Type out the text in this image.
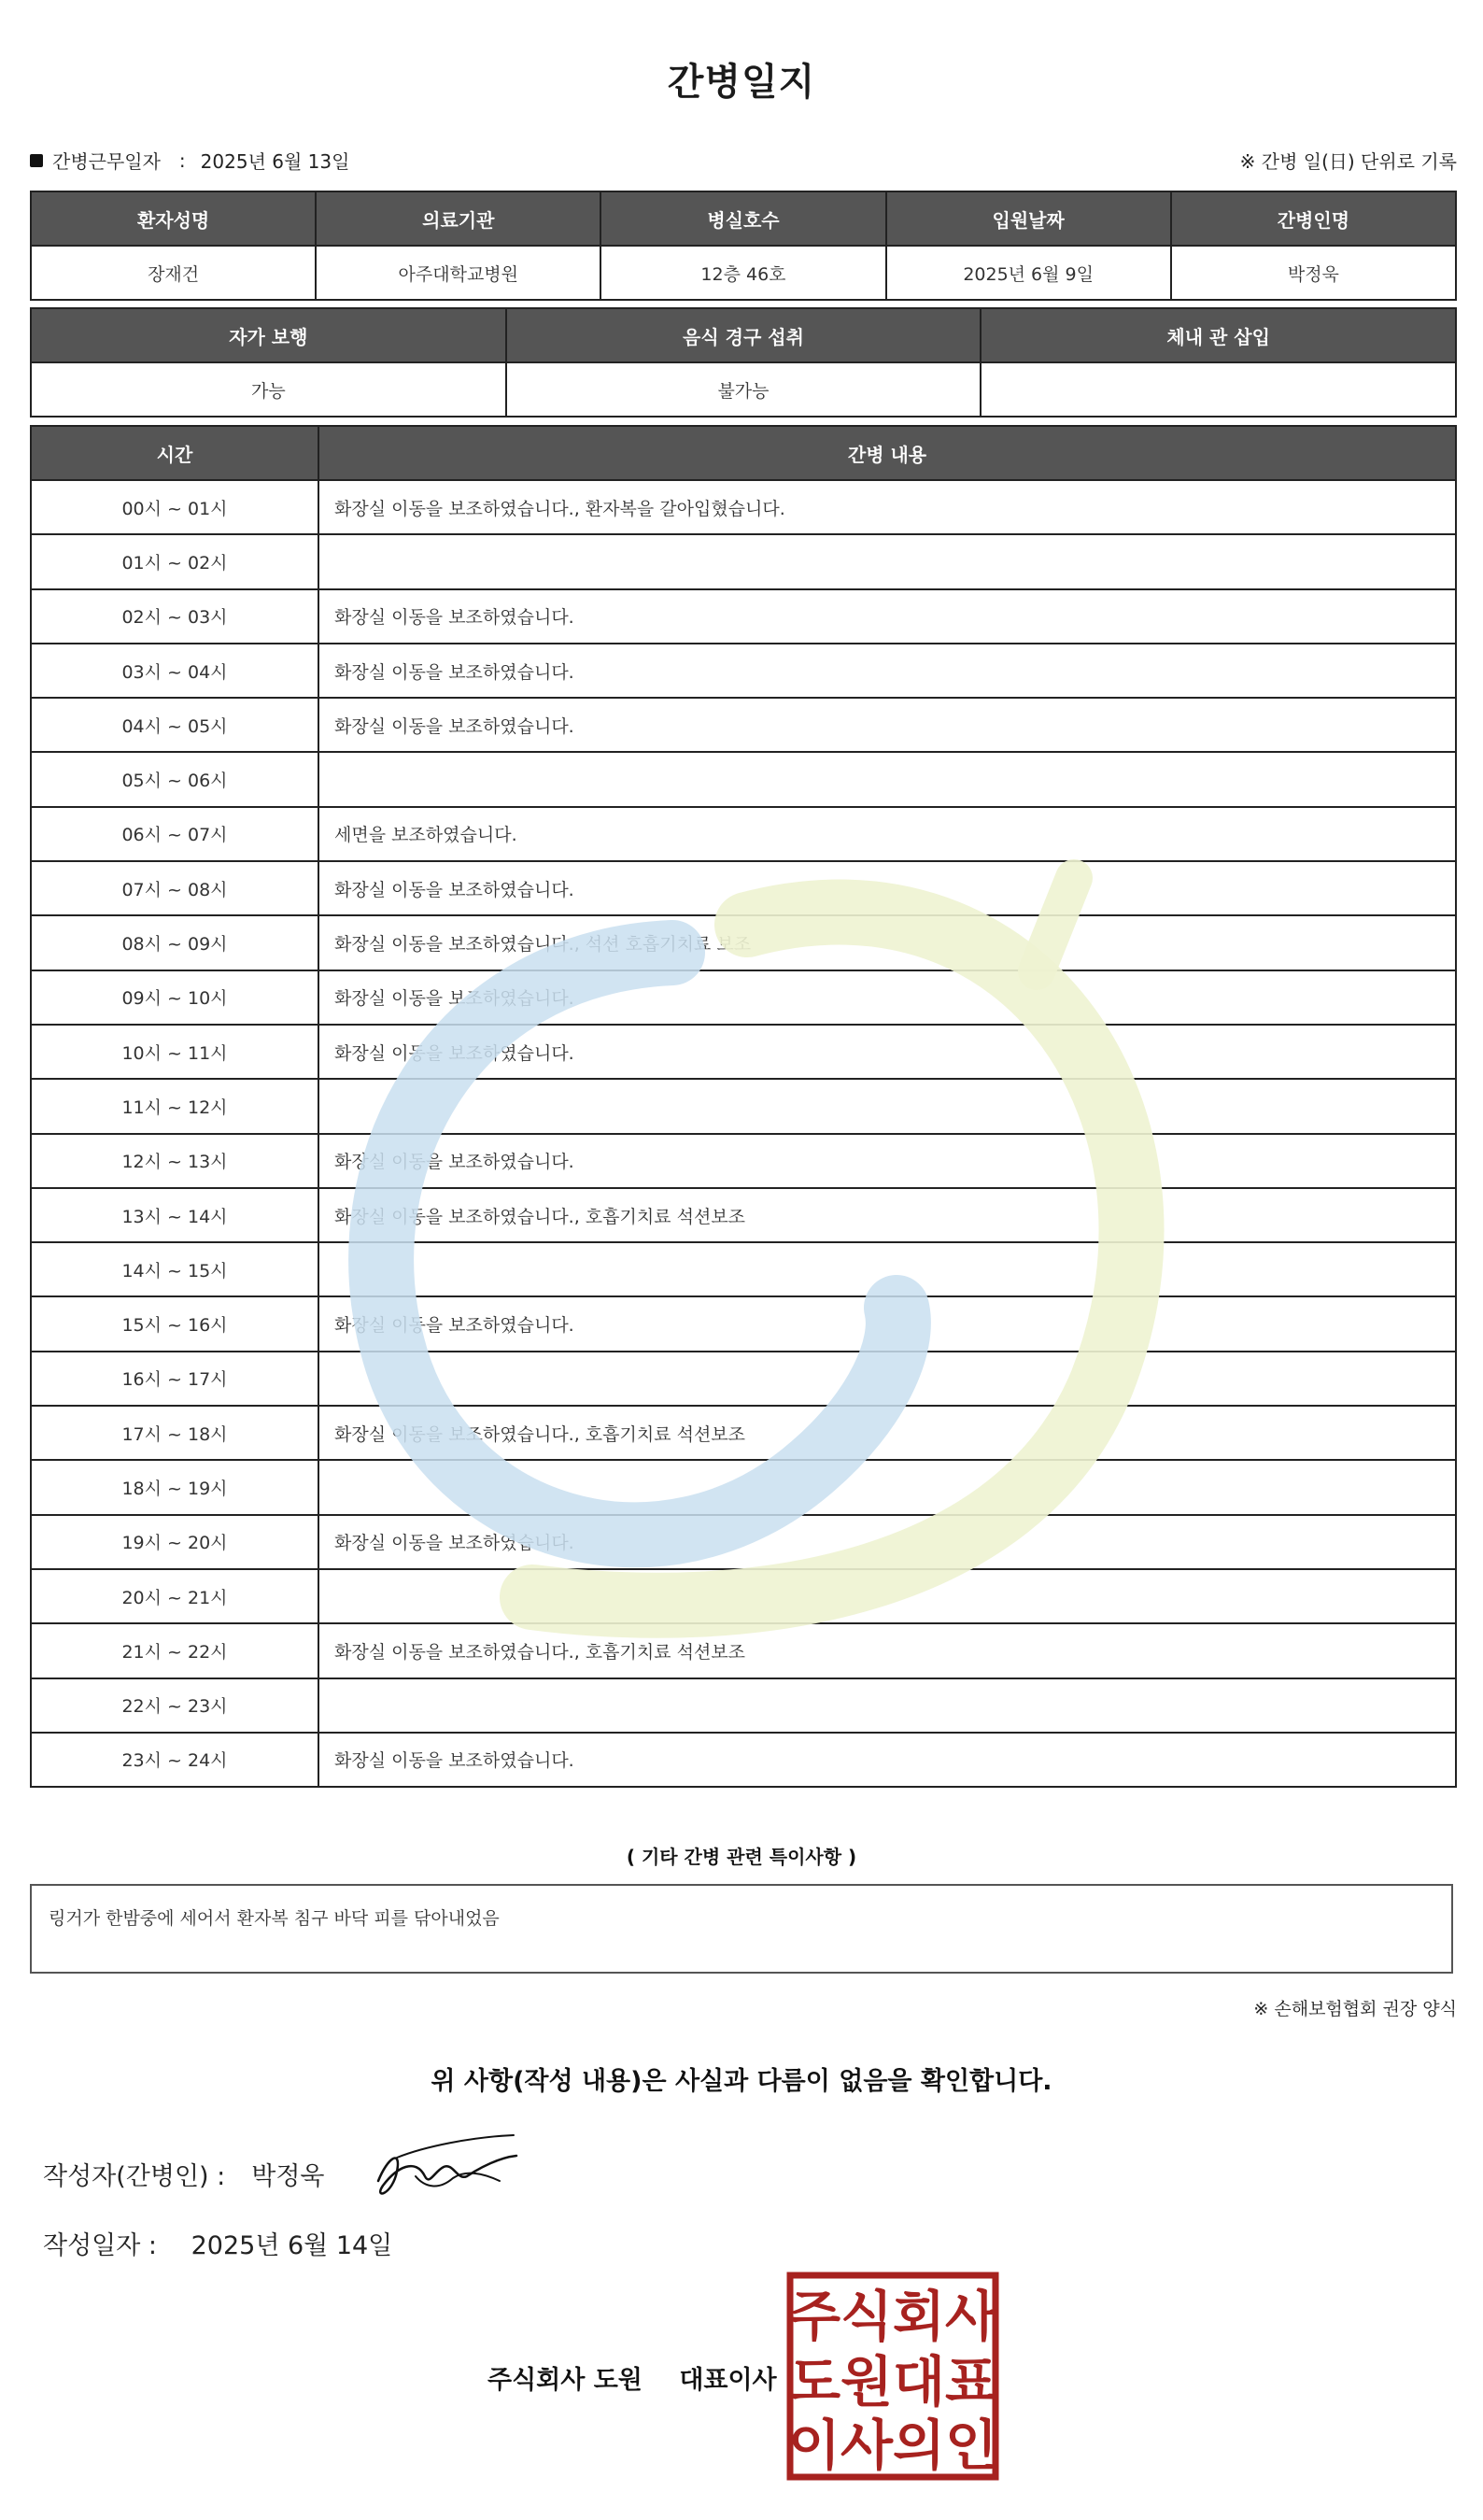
간병일지
간병근무일자 : 2025년 6월 13일	※ 간병 일(日) 단위로 기록
환자성명	의료기관	병실호수	입원날짜	간병인명
장재건	아주대학교병원	12층 46호	2025년 6월 9일	박정욱
자가 보행	음식 경구 섭취	체내 관 삽입
가능	불가능	
시간	간병 내용
00시 ~ 01시	화장실 이동을 보조하였습니다., 환자복을 갈아입혔습니다.
01시 ~ 02시	
02시 ~ 03시	화장실 이동을 보조하였습니다.
03시 ~ 04시	화장실 이동을 보조하였습니다.
04시 ~ 05시	화장실 이동을 보조하였습니다.
05시 ~ 06시	
06시 ~ 07시	세면을 보조하였습니다.
07시 ~ 08시	화장실 이동을 보조하였습니다.
08시 ~ 09시	화장실 이동을 보조하였습니다., 석션 호흡기치료 보조
09시 ~ 10시	화장실 이동을 보조하였습니다.
10시 ~ 11시	화장실 이동을 보조하였습니다.
11시 ~ 12시	
12시 ~ 13시	화장실 이동을 보조하였습니다.
13시 ~ 14시	화장실 이동을 보조하였습니다., 호흡기치료 석션보조
14시 ~ 15시	
15시 ~ 16시	화장실 이동을 보조하였습니다.
16시 ~ 17시	
17시 ~ 18시	화장실 이동을 보조하였습니다., 호흡기치료 석션보조
18시 ~ 19시	
19시 ~ 20시	화장실 이동을 보조하였습니다.
20시 ~ 21시	
21시 ~ 22시	화장실 이동을 보조하였습니다., 호흡기치료 석션보조
22시 ~ 23시	
23시 ~ 24시	화장실 이동을 보조하였습니다.
( 기타 간병 관련 특이사항 )
링거가 한밤중에 세어서 환자복 침구 바닥 피를 닦아내었음
※ 손해보험협회 권장 양식
위 사항(작성 내용)은 사실과 다름이 없음을 확인합니다.
작성자(간병인) : 박정욱
작성일자 : 2025년 6월 14일
주식회사 도원 대표이사
주식회사
도원대표
이사의인
